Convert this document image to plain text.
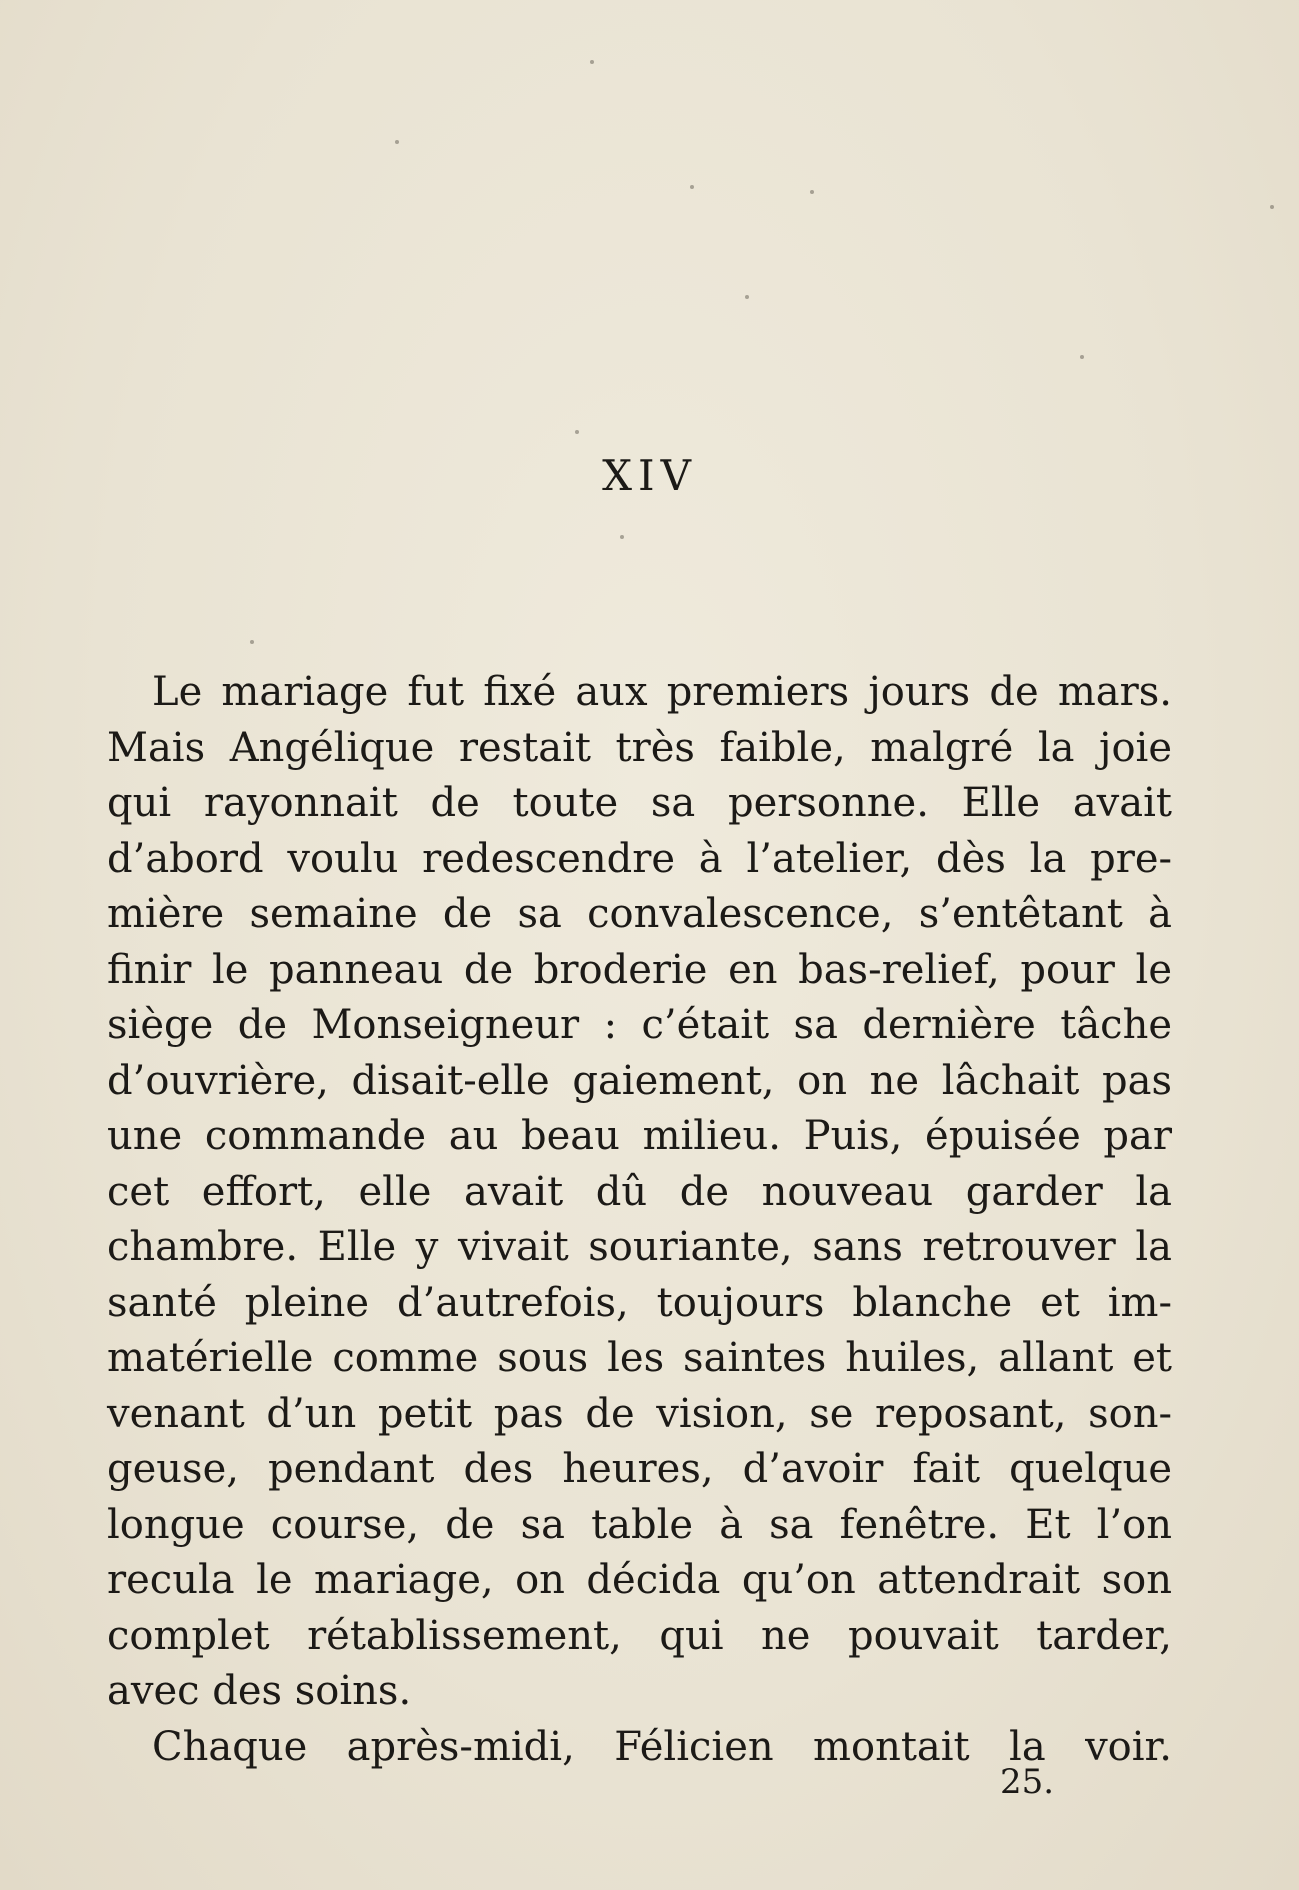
XIV
Le mariage fut fixé aux premiers jours de mars.
Mais Angélique restait très faible, malgré la joie
qui rayonnait de toute sa personne. Elle avait
d’abord voulu redescendre à l’atelier, dès la pre-
mière semaine de sa convalescence, s’entêtant à
finir le panneau de broderie en bas-relief, pour le
siège de Monseigneur : c’était sa dernière tâche
d’ouvrière, disait-elle gaiement, on ne lâchait pas
une commande au beau milieu. Puis, épuisée par
cet effort, elle avait dû de nouveau garder la
chambre. Elle y vivait souriante, sans retrouver la
santé pleine d’autrefois, toujours blanche et im-
matérielle comme sous les saintes huiles, allant et
venant d’un petit pas de vision, se reposant, son-
geuse, pendant des heures, d’avoir fait quelque
longue course, de sa table à sa fenêtre. Et l’on
recula le mariage, on décida qu’on attendrait son
complet rétablissement, qui ne pouvait tarder,
avec des soins.
Chaque après-midi, Félicien montait la voir.
25.
